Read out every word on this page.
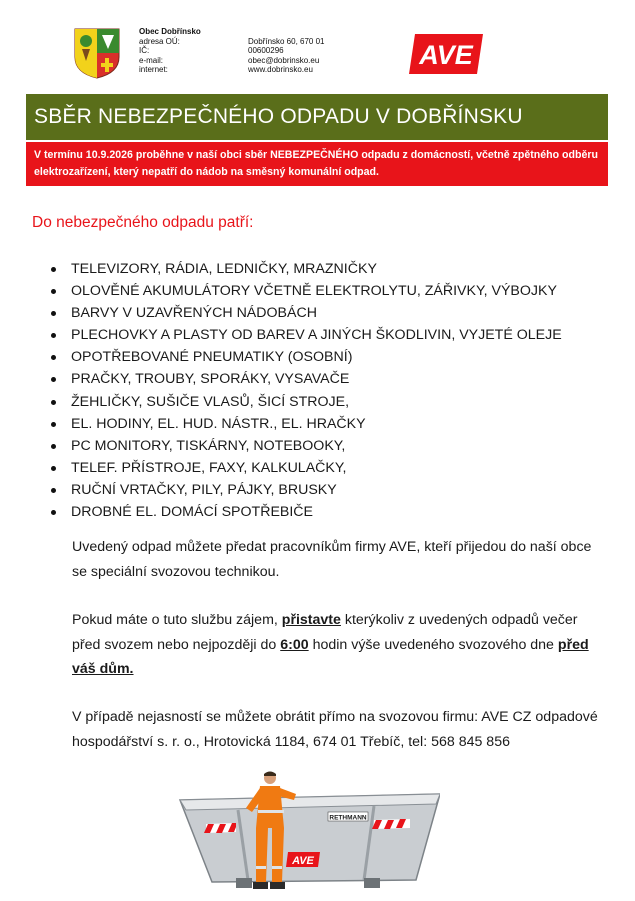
Obec Dobřínsko
adresa OÚ:	Dobřínsko 60, 670 01
IČ:	00600296
e-mail:	obec@dobrinsko.eu
internet:	www.dobrinsko.eu	AVE
SBĚR NEBEZPEČNÉHO ODPADU V DOBŘÍNSKU
V termínu 10.9.2026 proběhne v naší obci sběr NEBEZPEČNÉHO odpadu z domácností, včetně zpětného odběru elektrozařízení, který nepatří do nádob na směsný komunální odpad.
Do nebezpečného odpadu patří:
TELEVIZORY, RÁDIA, LEDNIČKY, MRAZNIČKY
OLOVĚNÉ AKUMULÁTORY VČETNĚ ELEKTROLYTU, ZÁŘIVKY, VÝBOJKY
BARVY V UZAVŘENÝCH NÁDOBÁCH
PLECHOVKY A PLASTY OD BAREV A JINÝCH ŠKODLIVIN, VYJETÉ OLEJE
OPOTŘEBOVANÉ PNEUMATIKY (OSOBNÍ)
PRAČKY, TROUBY, SPORÁKY, VYSAVAČE
ŽEHLIČKY, SUŠIČE VLASŮ, ŠICÍ STROJE,
EL. HODINY, EL. HUD. NÁSTR., EL. HRAČKY
PC MONITORY, TISKÁRNY, NOTEBOOKY,
TELEF. PŘÍSTROJE, FAXY, KALKULAČKY,
RUČNÍ VRTAČKY, PILY, PÁJKY, BRUSKY
DROBNÉ EL. DOMÁCÍ SPOTŘEBIČE
Uvedený odpad můžete předat pracovníkům firmy AVE, kteří přijedou do naší obce se speciální svozovou technikou.
Pokud máte o tuto službu zájem, přistavte kterýkoliv z uvedených odpadů večer před svozem nebo nejpozději do 6:00 hodin výše uvedeného svozového dne před váš dům.
V případě nejasností se můžete obrátit přímo na svozovou firmu: AVE CZ odpadové hospodářství s. r. o., Hrotovická 1184, 674 01 Třebíč, tel: 568 845 856
RETHMANN
AVE
